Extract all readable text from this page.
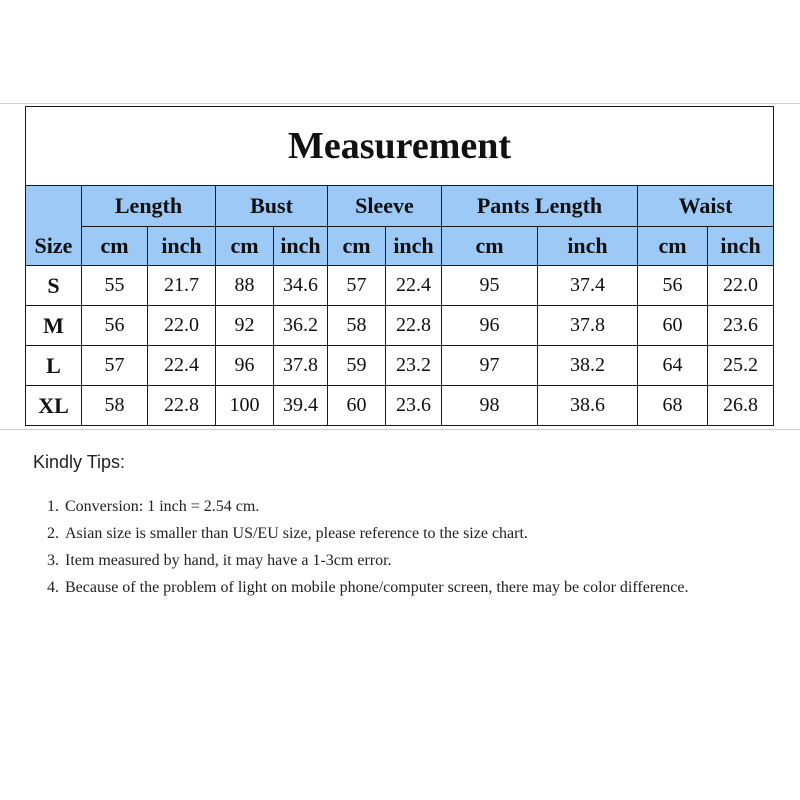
Measurement										
Size	Length		Bust		Sleeve		Pants Length		Waist	
	cm	inch	cm	inch	cm	inch	cm	inch	cm	inch
S	55	21.7	88	34.6	57	22.4	95	37.4	56	22.0
M	56	22.0	92	36.2	58	22.8	96	37.8	60	23.6
L	57	22.4	96	37.8	59	23.2	97	38.2	64	25.2
XL	58	22.8	100	39.4	60	23.6	98	38.6	68	26.8
Kindly Tips:
1. Conversion: 1 inch = 2.54 cm.
2. Asian size is smaller than US/EU size, please reference to the size chart.
3. Item measured by hand, it may have a 1-3cm error.
4. Because of the problem of light on mobile phone/computer screen, there may be color difference.
